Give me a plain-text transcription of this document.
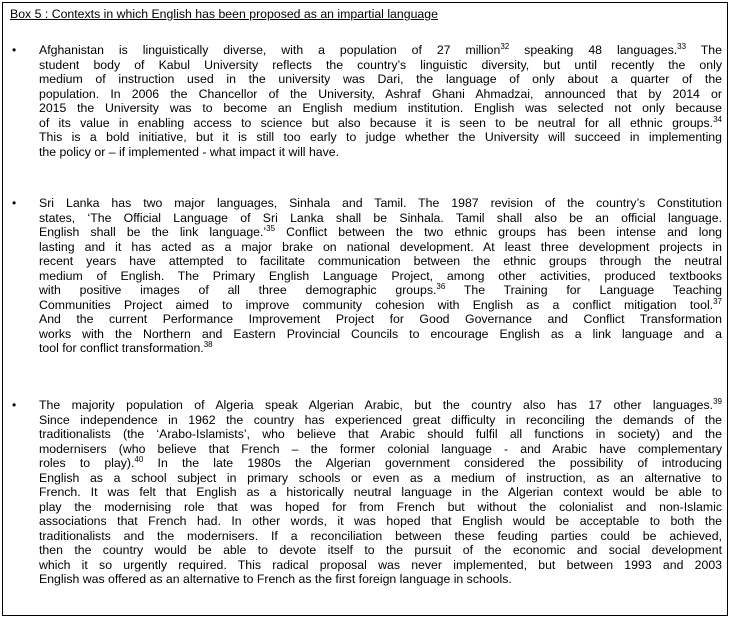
Box 5 : Contexts in which English has been proposed as an impartial language
• Afghanistan is linguistically diverse, with a population of 27 million$^{32}$ speaking 48 languages.$^{33}$ The
student body of Kabul University reflects the country’s linguistic diversity, but until recently the only
medium of instruction used in the university was Dari, the language of only about a quarter of the
population. In 2006 the Chancellor of the University, Ashraf Ghani Ahmadzai, announced that by 2014 or
2015 the University was to become an English medium institution. English was selected not only because
of its value in enabling access to science but also because it is seen to be neutral for all ethnic groups.$^{34}$
This is a bold initiative, but it is still too early to judge whether the University will succeed in implementing
the policy or – if implemented - what impact it will have.
• Sri Lanka has two major languages, Sinhala and Tamil. The 1987 revision of the country’s Constitution
states, ‘The Official Language of Sri Lanka shall be Sinhala. Tamil shall also be an official language.
English shall be the link language.’$^{35}$ Conflict between the two ethnic groups has been intense and long
lasting and it has acted as a major brake on national development. At least three development projects in
recent years have attempted to facilitate communication between the ethnic groups through the neutral
medium of English. The Primary English Language Project, among other activities, produced textbooks
with positive images of all three demographic groups.$^{36}$ The Training for Language Teaching
Communities Project aimed to improve community cohesion with English as a conflict mitigation tool.$^{37}$
And the current Performance Improvement Project for Good Governance and Conflict Transformation
works with the Northern and Eastern Provincial Councils to encourage English as a link language and a
tool for conflict transformation.$^{38}$
• The majority population of Algeria speak Algerian Arabic, but the country also has 17 other languages.$^{39}$
Since independence in 1962 the country has experienced great difficulty in reconciling the demands of the
traditionalists (the ‘Arabo-Islamists’, who believe that Arabic should fulfil all functions in society) and the
modernisers (who believe that French – the former colonial language - and Arabic have complementary
roles to play).$^{40}$ In the late 1980s the Algerian government considered the possibility of introducing
English as a school subject in primary schools or even as a medium of instruction, as an alternative to
French. It was felt that English as a historically neutral language in the Algerian context would be able to
play the modernising role that was hoped for from French but without the colonialist and non-Islamic
associations that French had. In other words, it was hoped that English would be acceptable to both the
traditionalists and the modernisers. If a reconciliation between these feuding parties could be achieved,
then the country would be able to devote itself to the pursuit of the economic and social development
which it so urgently required. This radical proposal was never implemented, but between 1993 and 2003
English was offered as an alternative to French as the first foreign language in schools.
